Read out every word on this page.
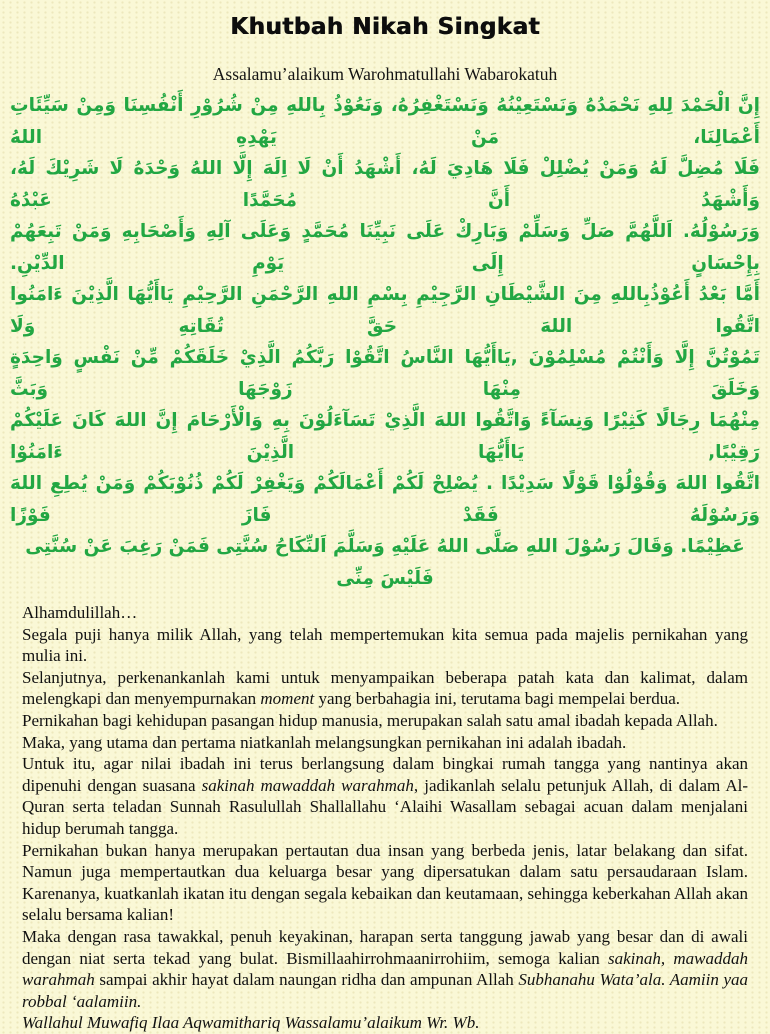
Khutbah Nikah Singkat
Assalamu’alaikum Warohmatullahi Wabarokatuh
إِنَّ الْحَمْدَ لِلهِ نَحْمَدُهُ وَنَسْتَعِيْنُهُ وَنَسْتَغْفِرُهُ، وَنَعُوْذُ بِاللهِ مِنْ شُرُوْرِ أَنْفُسِنَا وَمِنْ سَيِّئَاتِ أَعْمَالِنَا، مَنْ يَهْدِهِ اللهُ
فَلَا مُضِلَّ لَهُ وَمَنْ يُضْلِلْ فَلَا هَادِيَ لَهُ، أَشْهَدُ أَنْ لَا اِلَهَ إِلَّا اللهُ وَحْدَهُ لَا شَرِيْكَ لَهُ، وَأَشْهَدُ أَنَّ مُحَمَّدًا عَبْدُهُ
وَرَسُوْلُهُ. اَللَّهُمَّ صَلِّ وَسَلِّمْ وَبَارِكْ عَلَى نَبِيِّنَا مُحَمَّدٍ وَعَلَى آلِهِ وَأَصْحَابِهِ وَمَنْ تَبِعَهُمْ بِإِحْسَانٍ إِلَى يَوْمِ الدِّيْنِ.
أَمَّا بَعْدُ أَعُوْذُبِاللهِ مِنَ الشَّيْطَانِ الرَّجِيْمِ بِسْمِ اللهِ الرَّحْمَنِ الرَّحِيْمِ يَاأَيُّهَا الَّذِيْنَ ءَامَنُوا اتَّقُوا اللهَ حَقَّ تُقَاتِهِ وَلَا
تَمُوْتُنَّ إِلَّا وَأَنْتُمْ مُسْلِمُوْنَ ,يَاأَيُّهَا النَّاسُ اتَّقُوْا رَبَّكُمُ الَّذِيْ خَلَقَكُمْ مِّنْ نَفْسٍ وَاحِدَةٍ وَخَلَقَ مِنْهَا زَوْجَهَا وَبَثَّ
مِنْهُمَا رِجَالًا كَثِيْرًا وَنِسَآءً وَاتَّقُوا اللهَ الَّذِيْ تَسَآءَلُوْنَ بِهِ وَالْأَرْحَامَ إِنَّ اللهَ كَانَ عَلَيْكُمْ رَقِيْبًا, يَاأَيُّهَا الَّذِيْنَ ءَامَنُوْا
اتَّقُوا اللهَ وَقُوْلُوْا قَوْلًا سَدِيْدًا . يُصْلِحْ لَكُمْ أَعْمَالَكُمْ وَيَغْفِرْ لَكُمْ ذُنُوْبَكُمْ وَمَنْ يُطِعِ اللهَ وَرَسُوْلَهُ فَقَدْ فَازَ فَوْزًا
عَظِيْمًا. وَقَالَ رَسُوْلَ اللهِ صَلَّى اللهُ عَلَيْهِ وَسَلَّمَ اَلنِّكَاحُ سُنَّتِى فَمَنْ رَغِبَ عَنْ سُنَّتِى فَلَيْسَ مِنِّى

Alhamdulillah…

Segala puji hanya milik Allah, yang telah mempertemukan kita semua pada majelis pernikahan yang mulia ini.

Selanjutnya, perkenankanlah kami untuk menyampaikan beberapa patah kata dan kalimat, dalam melengkapi dan menyempurnakan moment yang berbahagia ini, terutama bagi mempelai berdua.

Pernikahan bagi kehidupan pasangan hidup manusia, merupakan salah satu amal ibadah kepada Allah.

Maka, yang utama dan pertama niatkanlah melangsungkan pernikahan ini adalah ibadah.

Untuk itu, agar nilai ibadah ini terus berlangsung dalam bingkai rumah tangga yang nantinya akan dipenuhi dengan suasana sakinah mawaddah warahmah, jadikanlah selalu petunjuk Allah, di dalam Al-Quran serta teladan Sunnah Rasulullah Shallallahu ‘Alaihi Wasallam sebagai acuan dalam menjalani hidup berumah tangga.

Pernikahan bukan hanya merupakan pertautan dua insan yang berbeda jenis, latar belakang dan sifat. Namun juga mempertautkan dua keluarga besar yang dipersatukan dalam satu persaudaraan Islam. Karenanya, kuatkanlah ikatan itu dengan segala kebaikan dan keutamaan, sehingga keberkahan Allah akan selalu bersama kalian!

Maka dengan rasa tawakkal, penuh keyakinan, harapan serta tanggung jawab yang besar dan di awali dengan niat serta tekad yang bulat. Bismillaahirrohmaanirrohiim, semoga kalian sakinah, mawaddah warahmah sampai akhir hayat dalam naungan ridha dan ampunan Allah Subhanahu Wata’ala. Aamiin yaa robbal ‘aalamiin.

Wallahul Muwafiq Ilaa Aqwamithariq Wassalamu’alaikum Wr. Wb.
